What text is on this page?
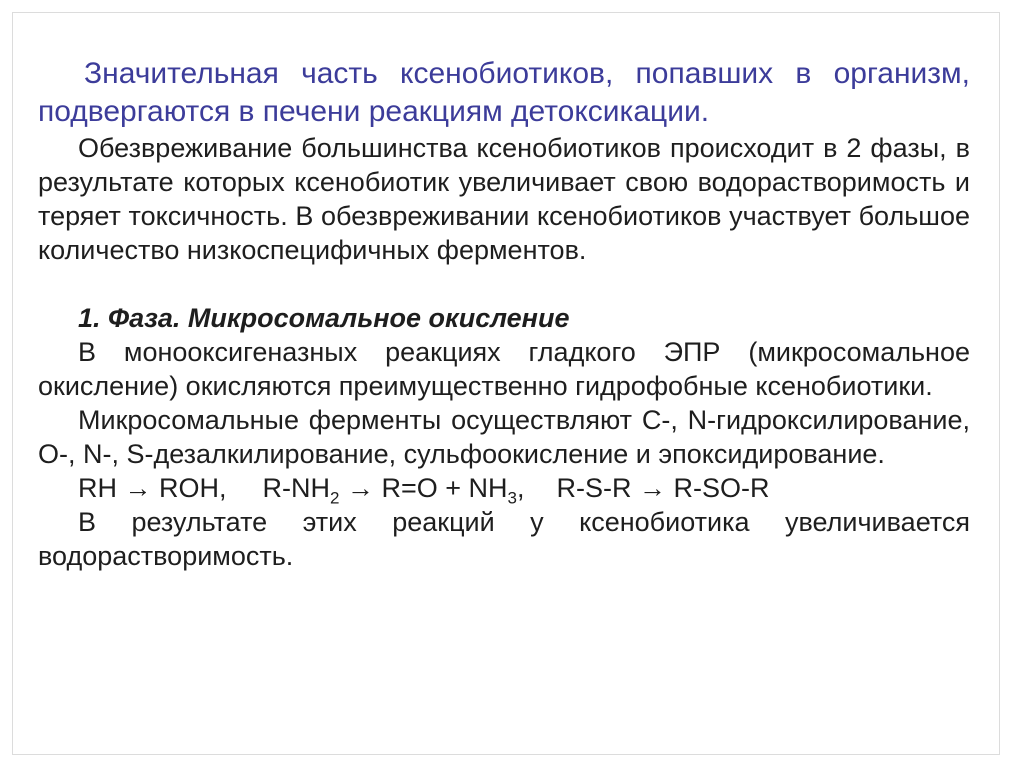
Значительная часть ксенобиотиков, попавших в организм, подвергаются в печени реакциям детоксикации.

Обезвреживание большинства ксенобиотиков происходит в 2 фазы, в результате которых ксенобиотик увеличивает свою водорастворимость и теряет токсичность. В обезвреживании ксенобиотиков участвует большое количество низкоспецифичных ферментов.

1. Фаза. Микросомальное окисление

В монооксигеназных реакциях гладкого ЭПР (микросомальное окисление) окисляются преимущественно гидрофобные ксенобиотики.

Микросомальные ферменты осуществляют С-, N-гидроксилирование, О-, N-, S-дезалкилирование, сульфоокисление и эпоксидирование.

RH → ROH, $R-NH_2 \to R=O + NH_3$, R-S-R → R-SO-R

В результате этих реакций у ксенобиотика увеличивается водорастворимость.
